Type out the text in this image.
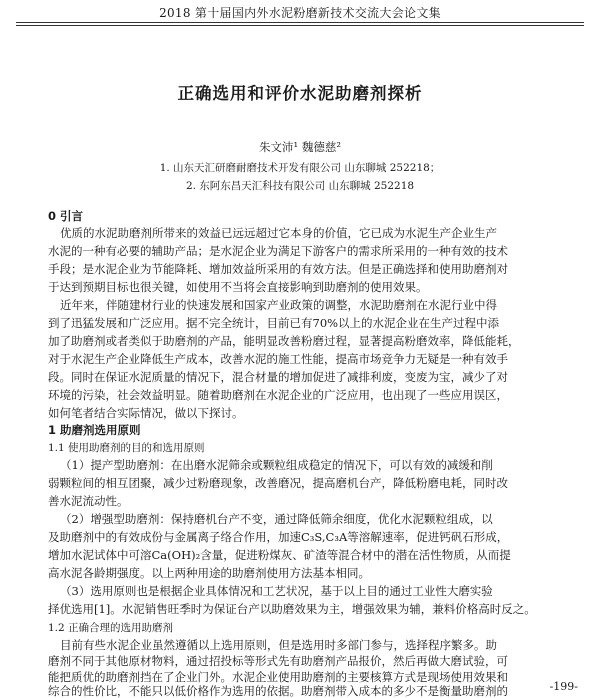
2018 第十届国内外水泥粉磨新技术交流大会论文集
正确选用和评价水泥助磨剂探析
朱文沛¹ 魏德慈²
1. 山东天汇研磨耐磨技术开发有限公司 山东聊城 252218；
2. 东阿东昌天汇科技有限公司 山东聊城 252218
0 引言
优质的水泥助磨剂所带来的效益已远远超过它本身的价值，它已成为水泥生产企业生产
水泥的一种有必要的辅助产品；是水泥企业为满足下游客户的需求所采用的一种有效的技术
手段；是水泥企业为节能降耗、增加效益所采用的有效方法。但是正确选择和使用助磨剂对
于达到预期目标也很关键，如使用不当将会直接影响到助磨剂的使用效果。
近年来，伴随建材行业的快速发展和国家产业政策的调整，水泥助磨剂在水泥行业中得
到了迅猛发展和广泛应用。据不完全统计，目前已有70%以上的水泥企业在生产过程中添
加了助磨剂或者类似于助磨剂的产品，能明显改善粉磨过程，显著提高粉磨效率，降低能耗，
对于水泥生产企业降低生产成本，改善水泥的施工性能，提高市场竞争力无疑是一种有效手
段。同时在保证水泥质量的情况下，混合材量的增加促进了减排利废，变废为宝，减少了对
环境的污染，社会效益明显。随着助磨剂在水泥企业的广泛应用，也出现了一些应用误区，
如何笔者结合实际情况，做以下探讨。
1 助磨剂选用原则
1.1 使用助磨剂的目的和选用原则
（1）提产型助磨剂：在出磨水泥筛余或颗粒组成稳定的情况下，可以有效的减缓和削
弱颗粒间的相互团聚，减少过粉磨现象，改善磨况，提高磨机台产，降低粉磨电耗，同时改
善水泥流动性。
（2）增强型助磨剂：保持磨机台产不变，通过降低筛余细度，优化水泥颗粒组成，以
及助磨剂中的有效成份与金属离子络合作用，加速C₃S,C₃A等溶解速率，促进钙矾石形成，
增加水泥试体中可溶Ca(OH)₂含量，促进粉煤灰、矿渣等混合材中的潜在活性物质，从而提
高水泥各龄期强度。以上两种用途的助磨剂使用方法基本相同。
（3）选用原则也是根据企业具体情况和工艺状况，基于以上目的通过工业性大磨实验
择优选用[1]。水泥销售旺季时为保证台产以助磨效果为主，增强效果为辅，兼料价格高时反之。
1.2 正确合理的选用助磨剂
目前有些水泥企业虽然遵循以上选用原则，但是选用时多部门参与，选择程序繁多。助
磨剂不同于其他原材物料，通过招投标等形式先有助磨剂产品报价，然后再做大磨试验，可
能把质优的助磨剂挡在了企业门外。水泥企业使用助磨剂的主要核算方式是现场使用效果和
综合的性价比，不能只以低价格作为选用的依据。助磨剂带入成本的多少不是衡量助磨剂的	-199-
